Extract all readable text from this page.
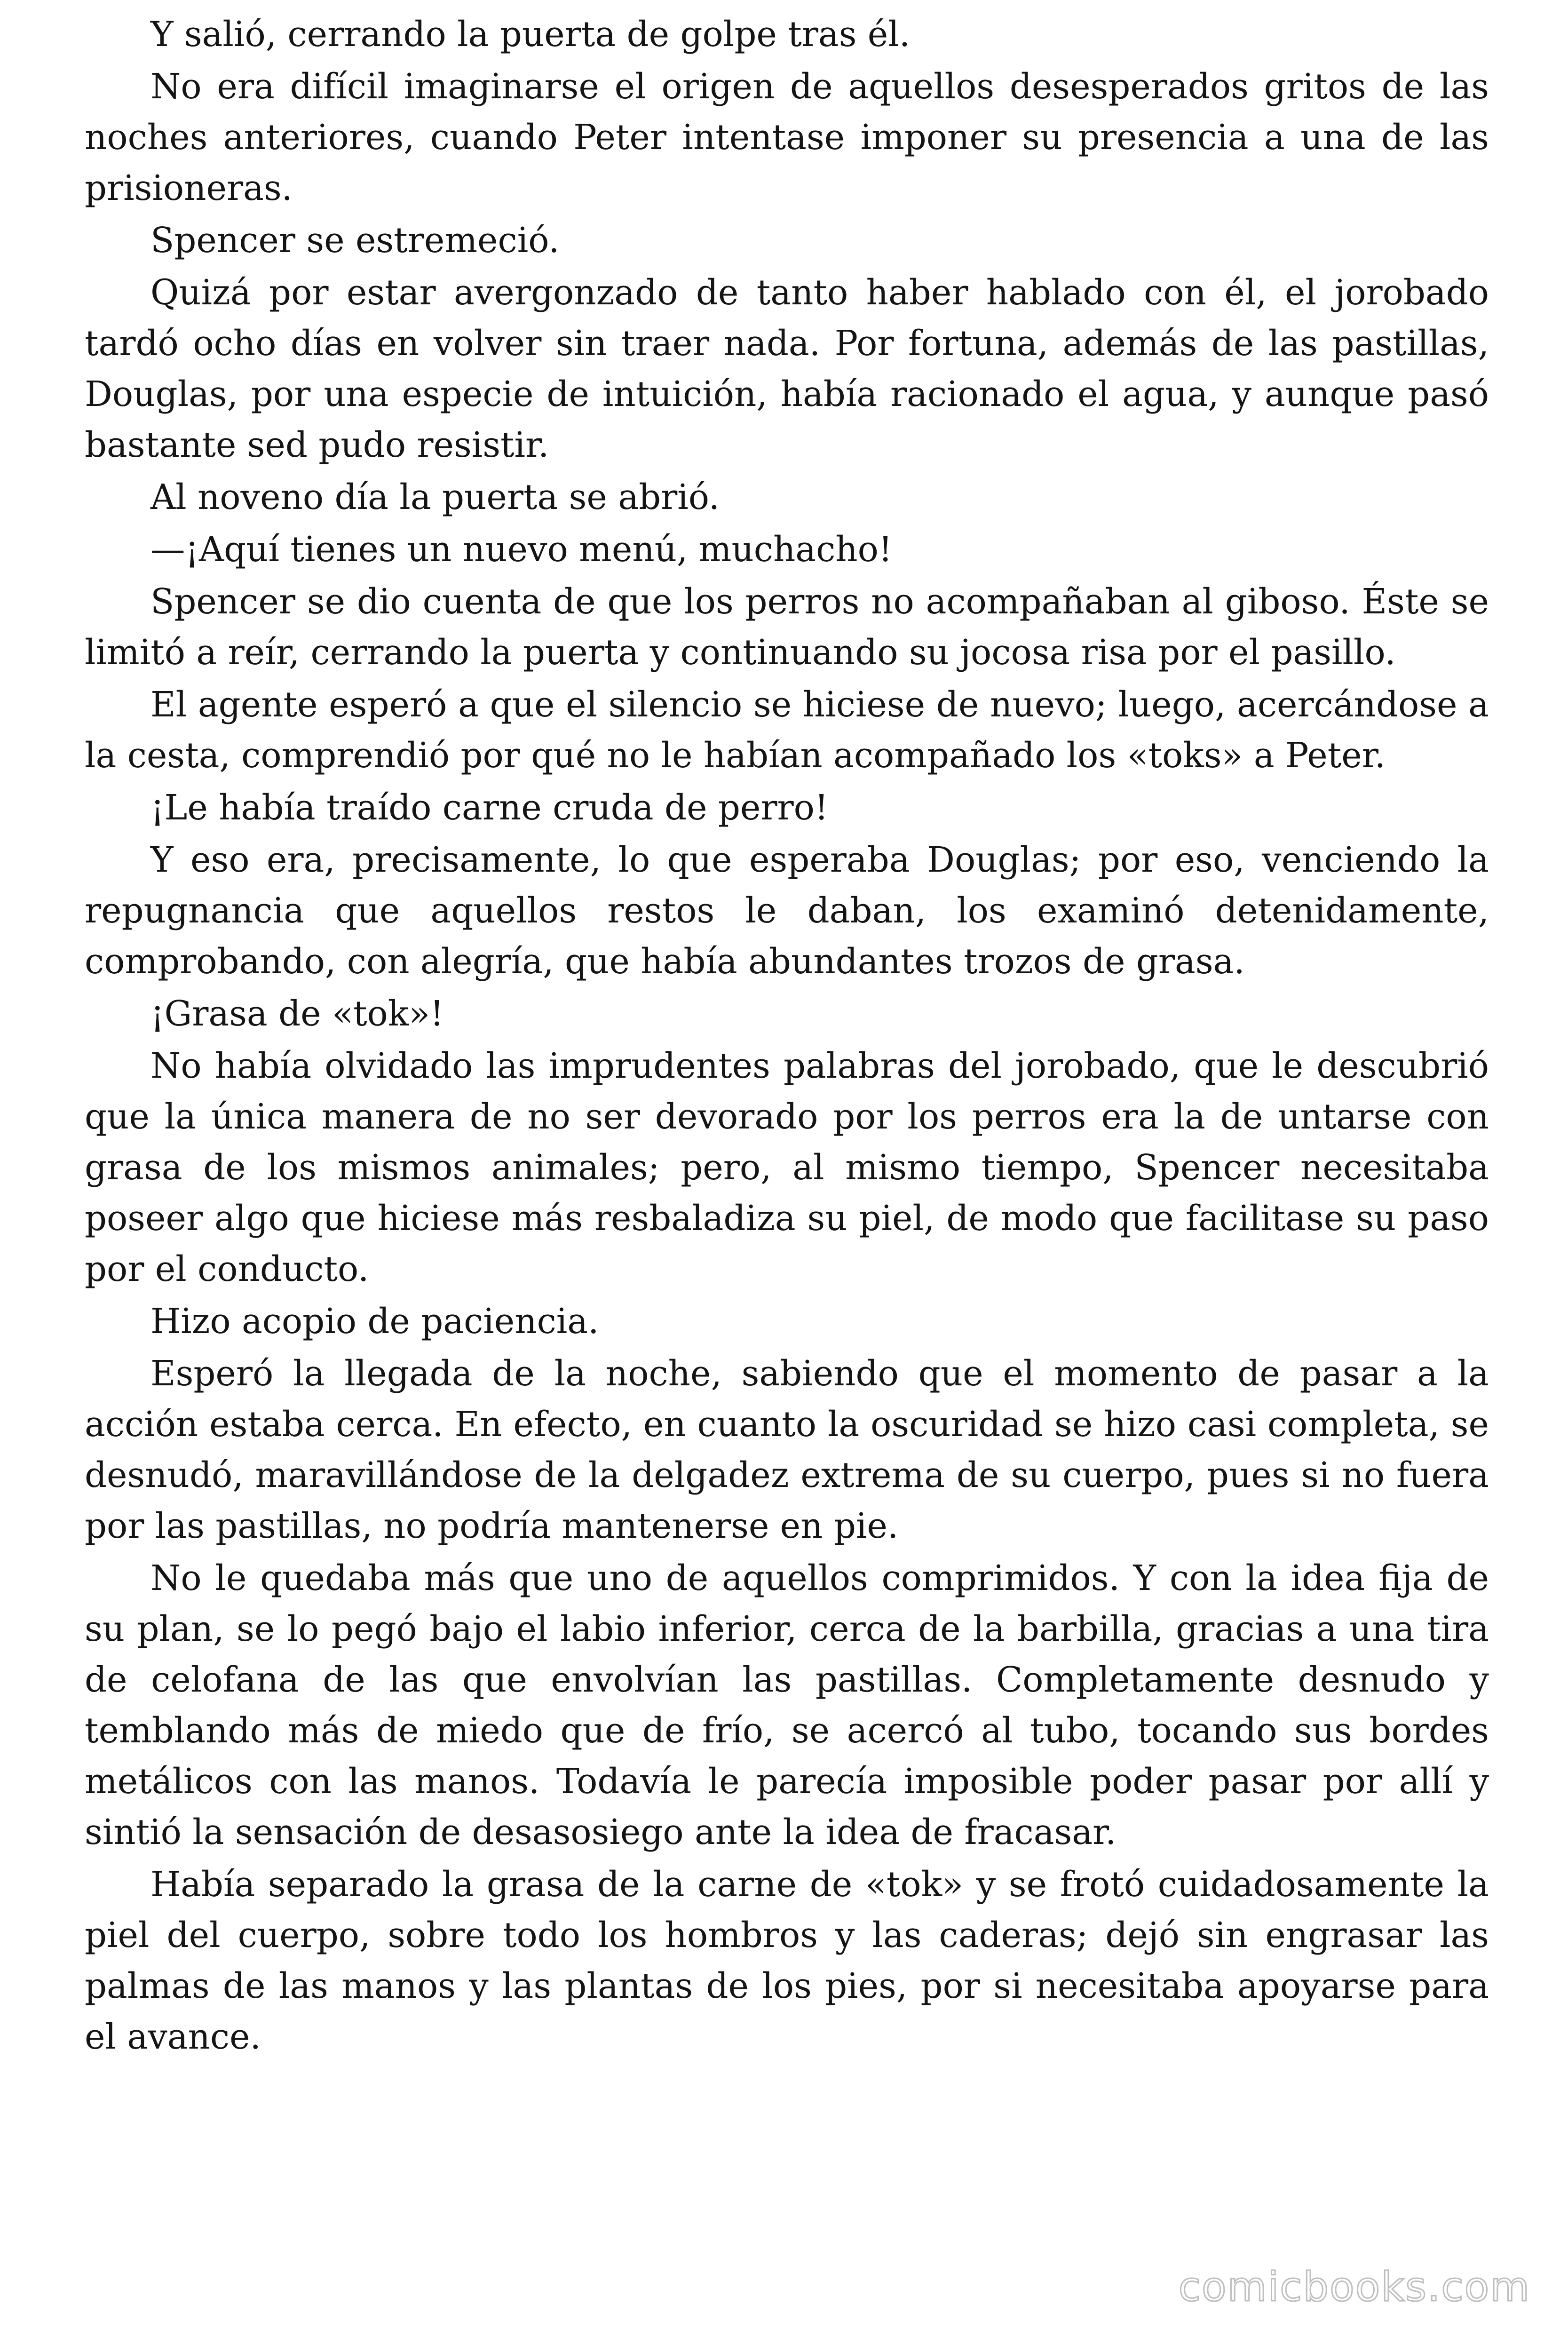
Y salió, cerrando la puerta de golpe tras él.

No era difícil imaginarse el origen de aquellos desesperados gritos de las noches anteriores, cuando Peter intentase imponer su presencia a una de las prisioneras.

Spencer se estremeció.

Quizá por estar avergonzado de tanto haber hablado con él, el jorobado tardó ocho días en volver sin traer nada. Por fortuna, además de las pastillas, Douglas, por una especie de intuición, había racionado el agua, y aunque pasó bastante sed pudo resistir.

Al noveno día la puerta se abrió.

—¡Aquí tienes un nuevo menú, muchacho!

Spencer se dio cuenta de que los perros no acompañaban al giboso. Éste se limitó a reír, cerrando la puerta y continuando su jocosa risa por el pasillo.

El agente esperó a que el silencio se hiciese de nuevo; luego, acercándose a la cesta, comprendió por qué no le habían acompañado los «toks» a Peter.

¡Le había traído carne cruda de perro!

Y eso era, precisamente, lo que esperaba Douglas; por eso, venciendo la repugnancia que aquellos restos le daban, los examinó detenidamente, comprobando, con alegría, que había abundantes trozos de grasa.

¡Grasa de «tok»!

No había olvidado las imprudentes palabras del jorobado, que le descubrió que la única manera de no ser devorado por los perros era la de untarse con grasa de los mismos animales; pero, al mismo tiempo, Spencer necesitaba poseer algo que hiciese más resbaladiza su piel, de modo que facilitase su paso por el conducto.

Hizo acopio de paciencia.

Esperó la llegada de la noche, sabiendo que el momento de pasar a la acción estaba cerca. En efecto, en cuanto la oscuridad se hizo casi completa, se desnudó, maravillándose de la delgadez extrema de su cuerpo, pues si no fuera por las pastillas, no podría mantenerse en pie.

No le quedaba más que uno de aquellos comprimidos. Y con la idea fija de su plan, se lo pegó bajo el labio inferior, cerca de la barbilla, gracias a una tira de celofana de las que envolvían las pastillas. Completamente desnudo y temblando más de miedo que de frío, se acercó al tubo, tocando sus bordes metálicos con las manos. Todavía le parecía imposible poder pasar por allí y sintió la sensación de desasosiego ante la idea de fracasar.

Había separado la grasa de la carne de «tok» y se frotó cuidadosamente la piel del cuerpo, sobre todo los hombros y las caderas; dejó sin engrasar las palmas de las manos y las plantas de los pies, por si necesitaba apoyarse para el avance.

comicbooks.com
